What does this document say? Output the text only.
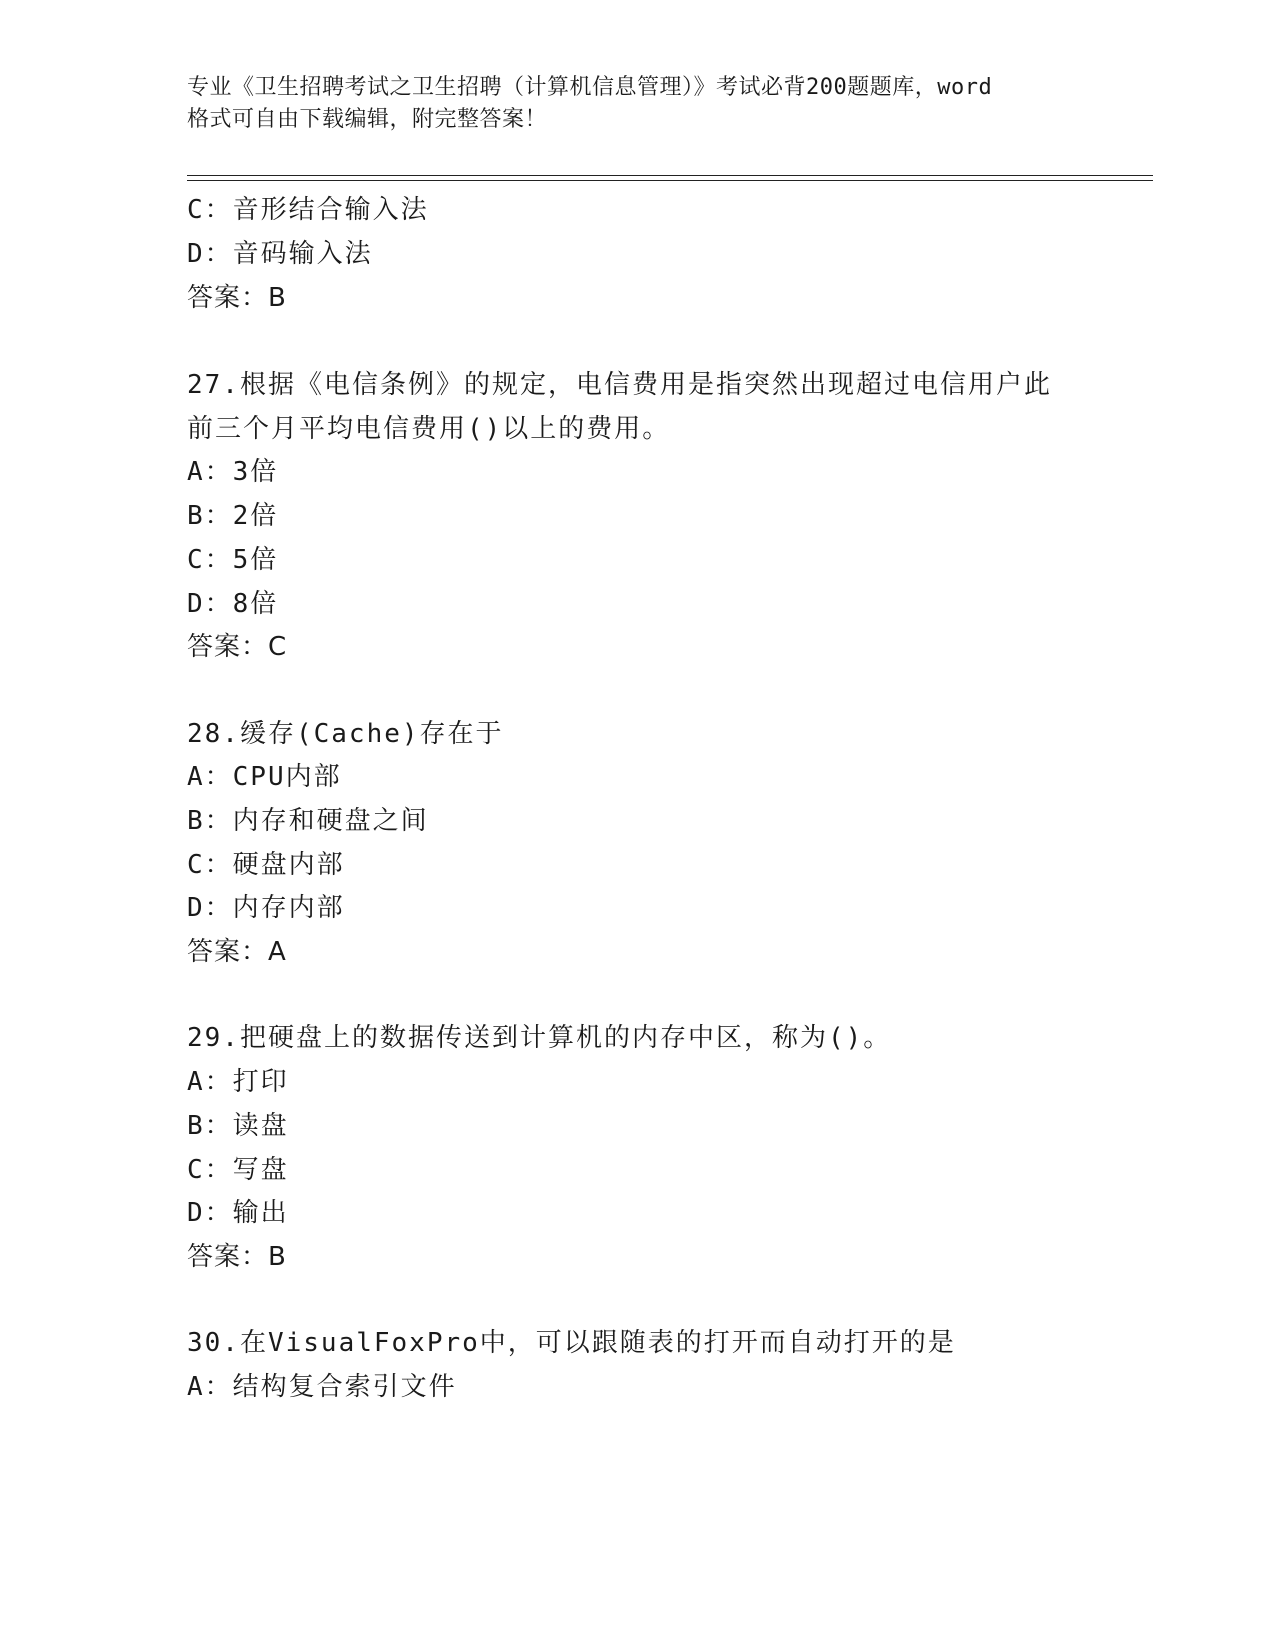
专业《卫生招聘考试之卫生招聘（计算机信息管理）》考试必背200题题库，word
格式可自由下载编辑，附完整答案！
C：音形结合输入法
D：音码输入法
答案：B
27.根据《电信条例》的规定，电信费用是指突然出现超过电信用户此
前三个月平均电信费用()以上的费用。
A：3倍
B：2倍
C：5倍
D：8倍
答案：C
28.缓存(Cache)存在于
A：CPU内部
B：内存和硬盘之间
C：硬盘内部
D：内存内部
答案：A
29.把硬盘上的数据传送到计算机的内存中区，称为()。
A：打印
B：读盘
C：写盘
D：输出
答案：B
30.在VisualFoxPro中，可以跟随表的打开而自动打开的是
A：结构复合索引文件
